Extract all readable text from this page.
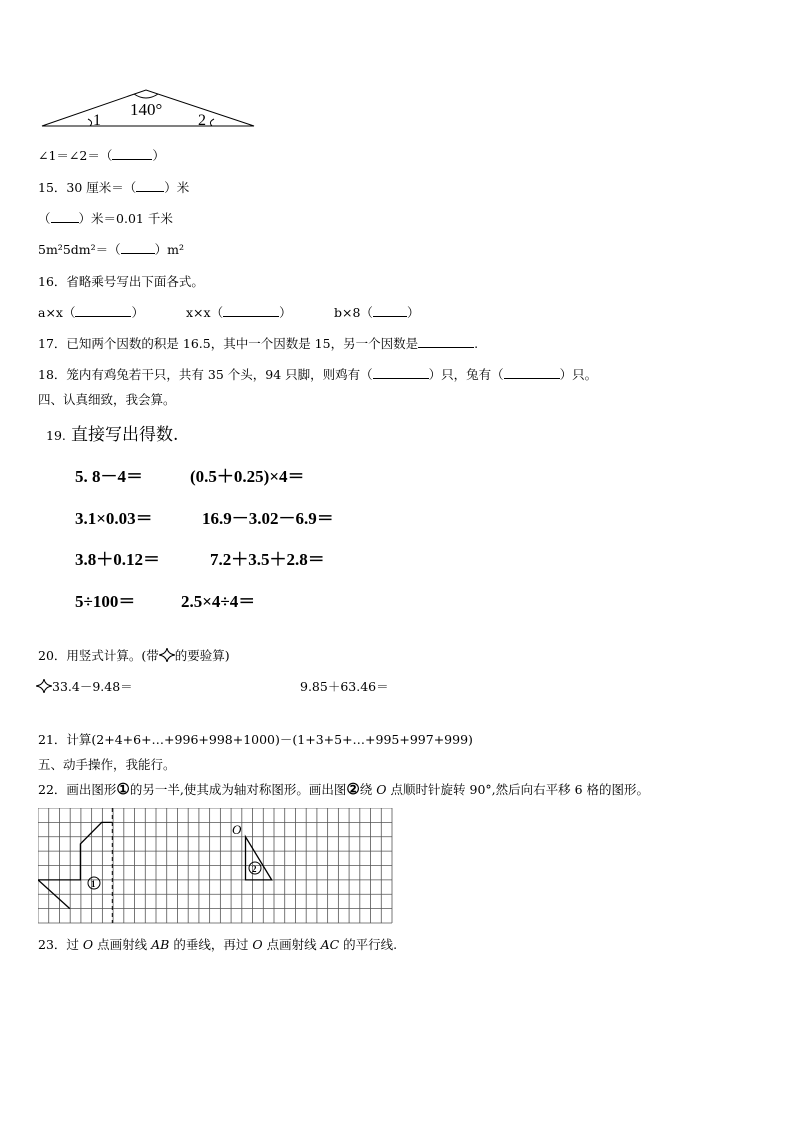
140°
1	2
∠1＝∠2＝（	）
15．30 厘米＝（ ）米
（ ）米＝0.01 千米
5m²5dm²＝（	）m²
16．省略乘号写出下面各式。
a×x（	）	x×x（	）	b×8（	）
17．已知两个因数的积是 16.5，其中一个因数是 15，另一个因数是	.
18．笼内有鸡兔若干只，共有 35 个头，94 只脚，则鸡有（	）只，兔有（	）只。
四、认真细致，我会算。
19. 直接写出得数.
5. 8－4＝	(0.5＋0.25)×4＝
3.1×0.03＝	16.9－3.02－6.9＝
3.8＋0.12＝	7.2＋3.5＋2.8＝
5÷100＝	2.5×4÷4＝
20．用竖式计算。(带 的要验算)
33.4－9.48＝	9.85＋63.46＝
21．计算(2+4+6+…+996+998+1000)－(1+3+5+…+995+997+999)
五、动手操作，我能行。
22．画出图形①的另一半,使其成为轴对称图形。画出图②绕 O 点顺时针旋转 90°,然后向右平移 6 格的图形。
1
2
O
23．过 O 点画射线 AB 的垂线，再过 O 点画射线 AC 的平行线.
